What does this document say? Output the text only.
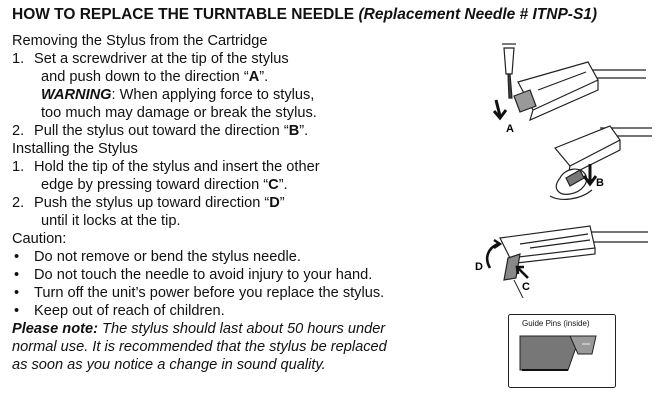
HOW TO REPLACE THE TURNTABLE NEEDLE (Replacement Needle # ITNP-S1)
Removing the Stylus from the Cartridge
1. Set a screwdriver at the tip of the stylus
and push down to the direction “A”.
WARNING: When applying force to stylus,
too much may damage or break the stylus.
2. Pull the stylus out toward the direction “B”.
Installing the Stylus
1. Hold the tip of the stylus and insert the other
edge by pressing toward direction “C”.
2. Push the stylus up toward direction “D”
until it locks at the tip.
Caution:
• Do not remove or bend the stylus needle.
• Do not touch the needle to avoid injury to your hand.
• Turn off the unit’s power before you replace the stylus.
• Keep out of reach of children.
Please note: The stylus should last about 50 hours under
normal use. It is recommended that the stylus be replaced
as soon as you notice a change in sound quality.
A
B
D
C
Guide Pins (inside)
